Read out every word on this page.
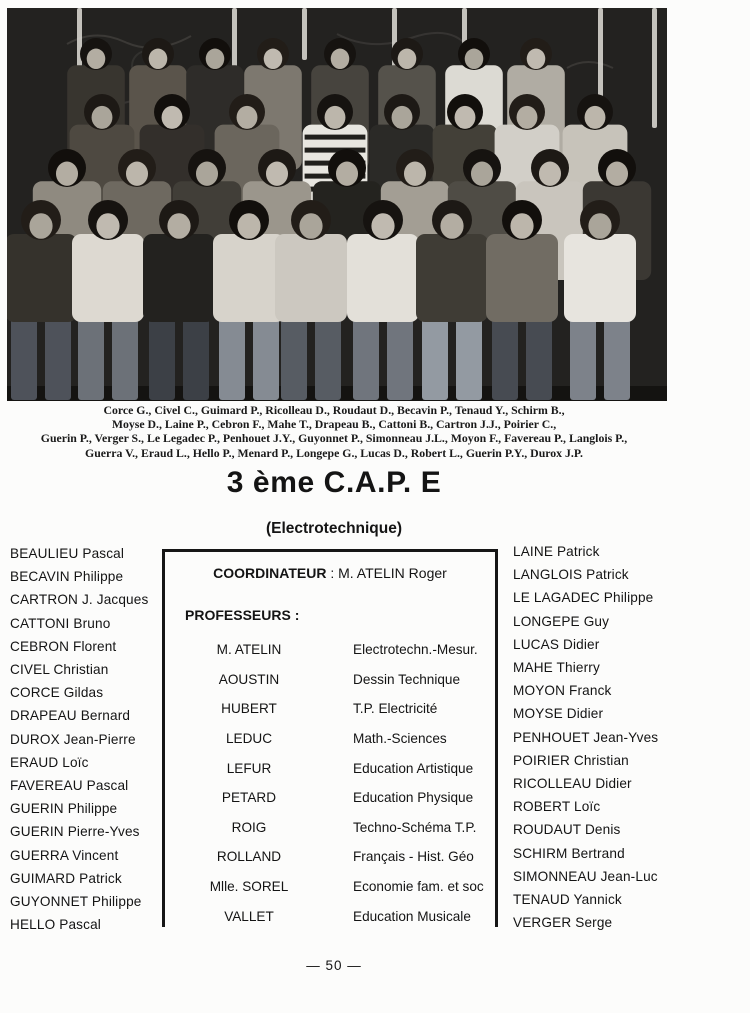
Corce G., Civel C., Guimard P., Ricolleau D., Roudaut D., Becavin P., Tenaud Y., Schirm B.,
Moyse D., Laine P., Cebron F., Mahe T., Drapeau B., Cattoni B., Cartron J.J., Poirier C.,
Guerin P., Verger S., Le Legadec P., Penhouet J.Y., Guyonnet P., Simonneau J.L., Moyon F., Favereau P., Langlois P.,
Guerra V., Eraud L., Hello P., Menard P., Longepe G., Lucas D., Robert L., Guerin P.Y., Durox J.P.
3 ème C.A.P. E
(Electrotechnique)
BEAULIEU Pascal
BECAVIN Philippe
CARTRON J. Jacques
CATTONI Bruno
CEBRON Florent
CIVEL Christian
CORCE Gildas
DRAPEAU Bernard
DUROX Jean-Pierre
ERAUD Loïc
FAVEREAU Pascal
GUERIN Philippe
GUERIN Pierre-Yves
GUERRA Vincent
GUIMARD Patrick
GUYONNET Philippe
HELLO Pascal
COORDINATEUR : M. ATELIN Roger
PROFESSEURS :
M. ATELIN	Electrotechn.-Mesur.
AOUSTIN	Dessin Technique
HUBERT	T.P. Electricité
LEDUC	Math.-Sciences
LEFUR	Education Artistique
PETARD	Education Physique
ROIG	Techno-Schéma T.P.
ROLLAND	Français - Hist. Géo
Mlle. SOREL	Economie fam. et soc
VALLET	Education Musicale
LAINE Patrick
LANGLOIS Patrick
LE LAGADEC Philippe
LONGEPE Guy
LUCAS Didier
MAHE Thierry
MOYON Franck
MOYSE Didier
PENHOUET Jean-Yves
POIRIER Christian
RICOLLEAU Didier
ROBERT Loïc
ROUDAUT Denis
SCHIRM Bertrand
SIMONNEAU Jean-Luc
TENAUD Yannick
VERGER Serge
— 50 —
